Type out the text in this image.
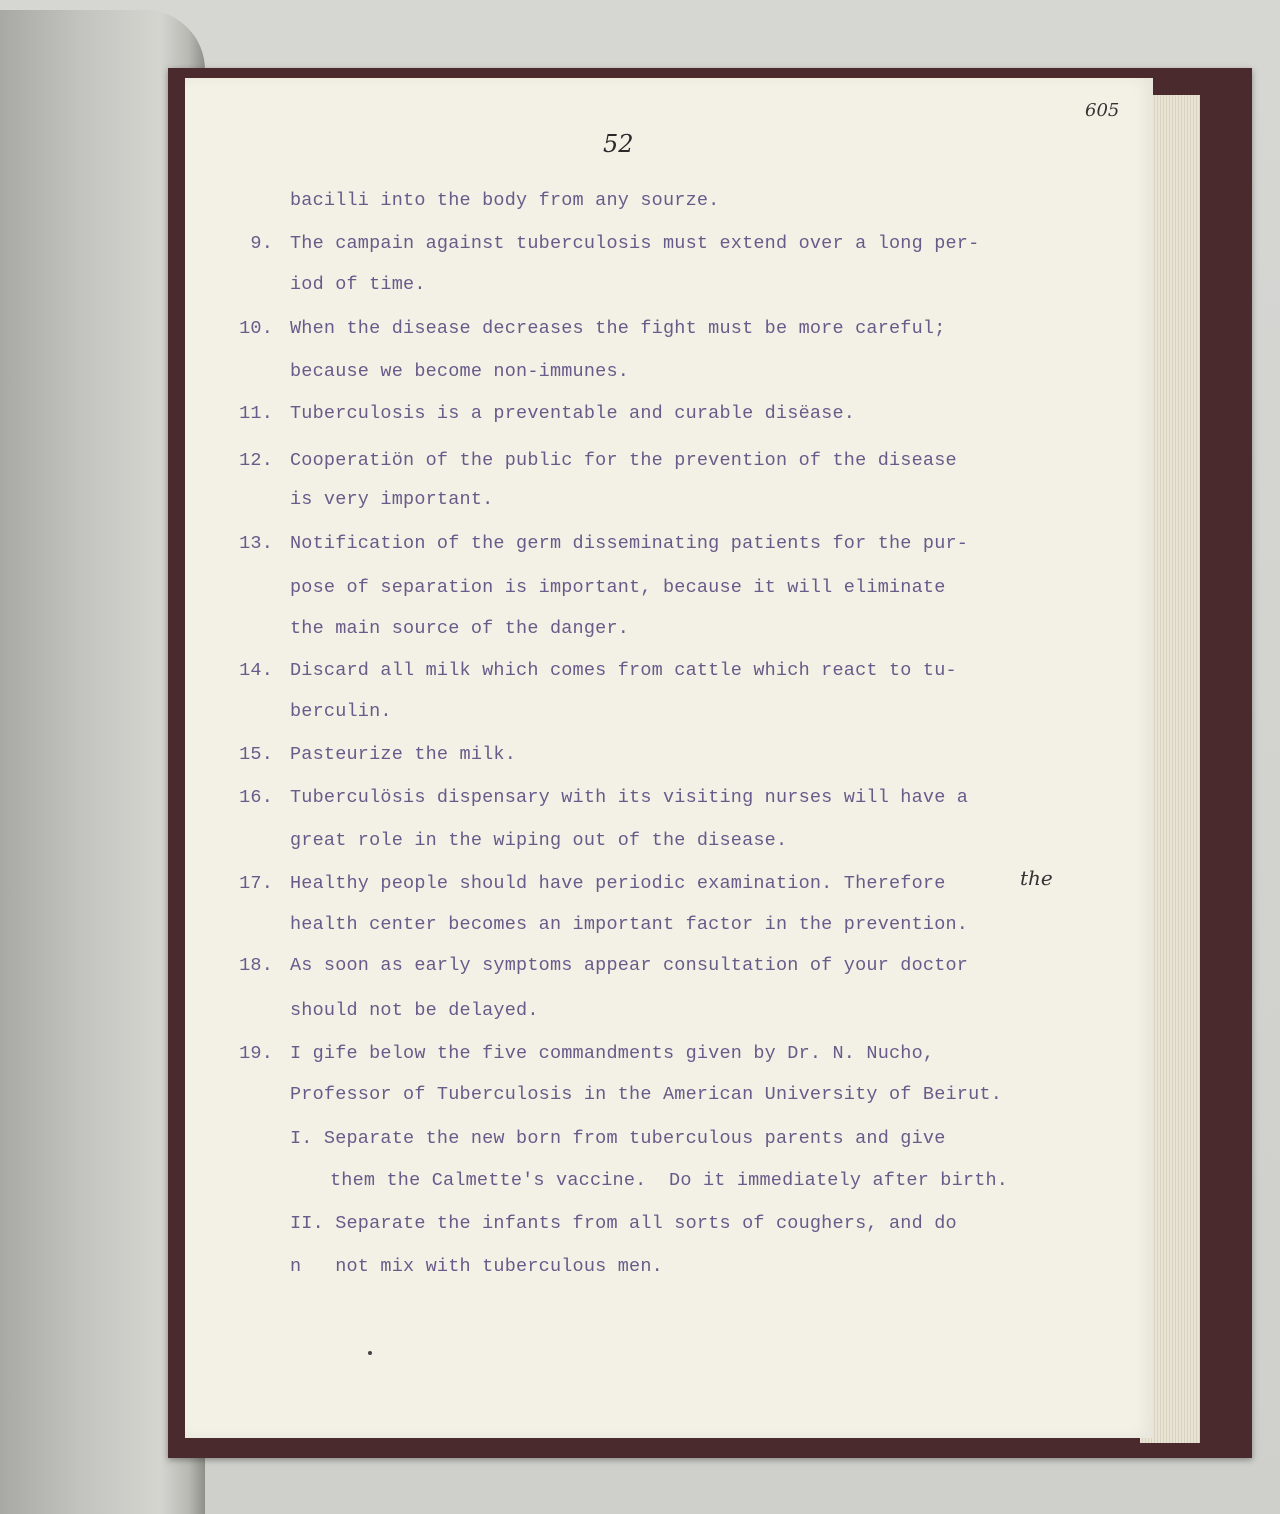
605
52
bacilli into the body from any sourze.
9. The campain against tuberculosis must extend over a long per-
iod of time.
10. When the disease decreases the fight must be more careful;
because we become non-immunes.
11. Tuberculosis is a preventable and curable disëase.
12. Cooperatiön of the public for the prevention of the disease
is very important.
13. Notification of the germ disseminating patients for the pur-
pose of separation is important, because it will eliminate
the main source of the danger.
14. Discard all milk which comes from cattle which react to tu-
berculin.
15. Pasteurize the milk.
16. Tuberculösis dispensary with its visiting nurses will have a
great role in the wiping out of the disease.
17. Healthy people should have periodic examination. Therefore
health center becomes an important factor in the prevention.
18. As soon as early symptoms appear consultation of your doctor
should not be delayed.
19. I gife below the five commandments given by Dr. N. Nucho,
Professor of Tuberculosis in the American University of Beirut.
I. Separate the new born from tuberculous parents and give
them the Calmette's vaccine.  Do it immediately after birth.
II. Separate the infants from all sorts of coughers, and do
n   not mix with tuberculous men.
the
